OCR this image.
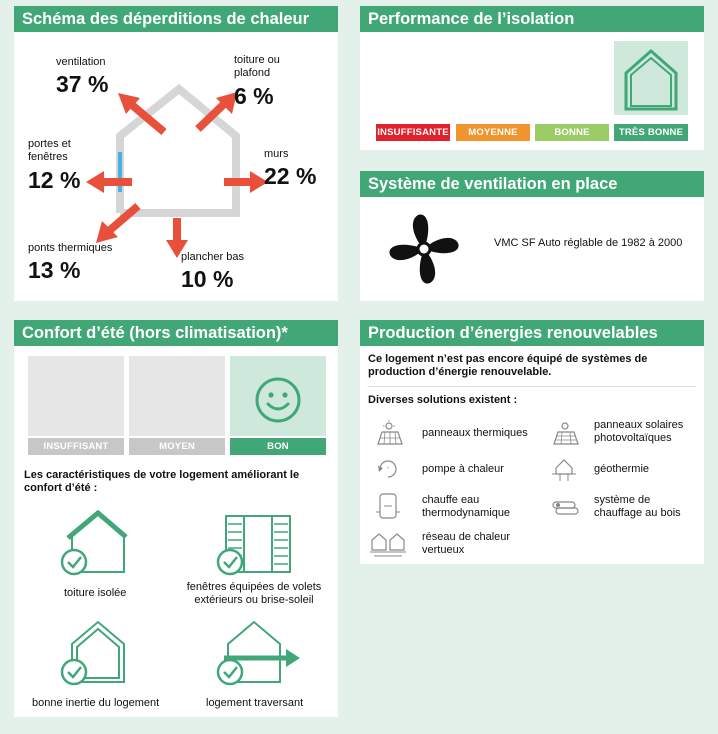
Schéma des déperditions de chaleur
ventilation
37 %
toiture ou plafond
6 %
portes et fenêtres
12 %
murs
22 %
ponts thermiques
13 %	plancher bas
10 %
Performance de l’isolation
INSUFFISANTE	MOYENNE	BONNE	TRÈS BONNE
Système de ventilation en place
VMC SF Auto réglable de 1982 à 2000
Confort d’été (hors climatisation)*
INSUFFISANT	MOYEN	BON
Les caractéristiques de votre logement améliorant le confort d’été :
toiture isolée	fenêtres équipées de volets extérieurs ou brise-soleil
bonne inertie du logement	logement traversant
Production d’énergies renouvelables
Ce logement n’est pas encore équipé de systèmes de production d’énergie renouvelable.
Diverses solutions existent :
panneaux thermiques
panneaux solaires photovoltaïques
°	pompe à chaleur	géothermie
chauffe eau thermodynamique
système de chauffage au bois
réseau de chaleur vertueux
